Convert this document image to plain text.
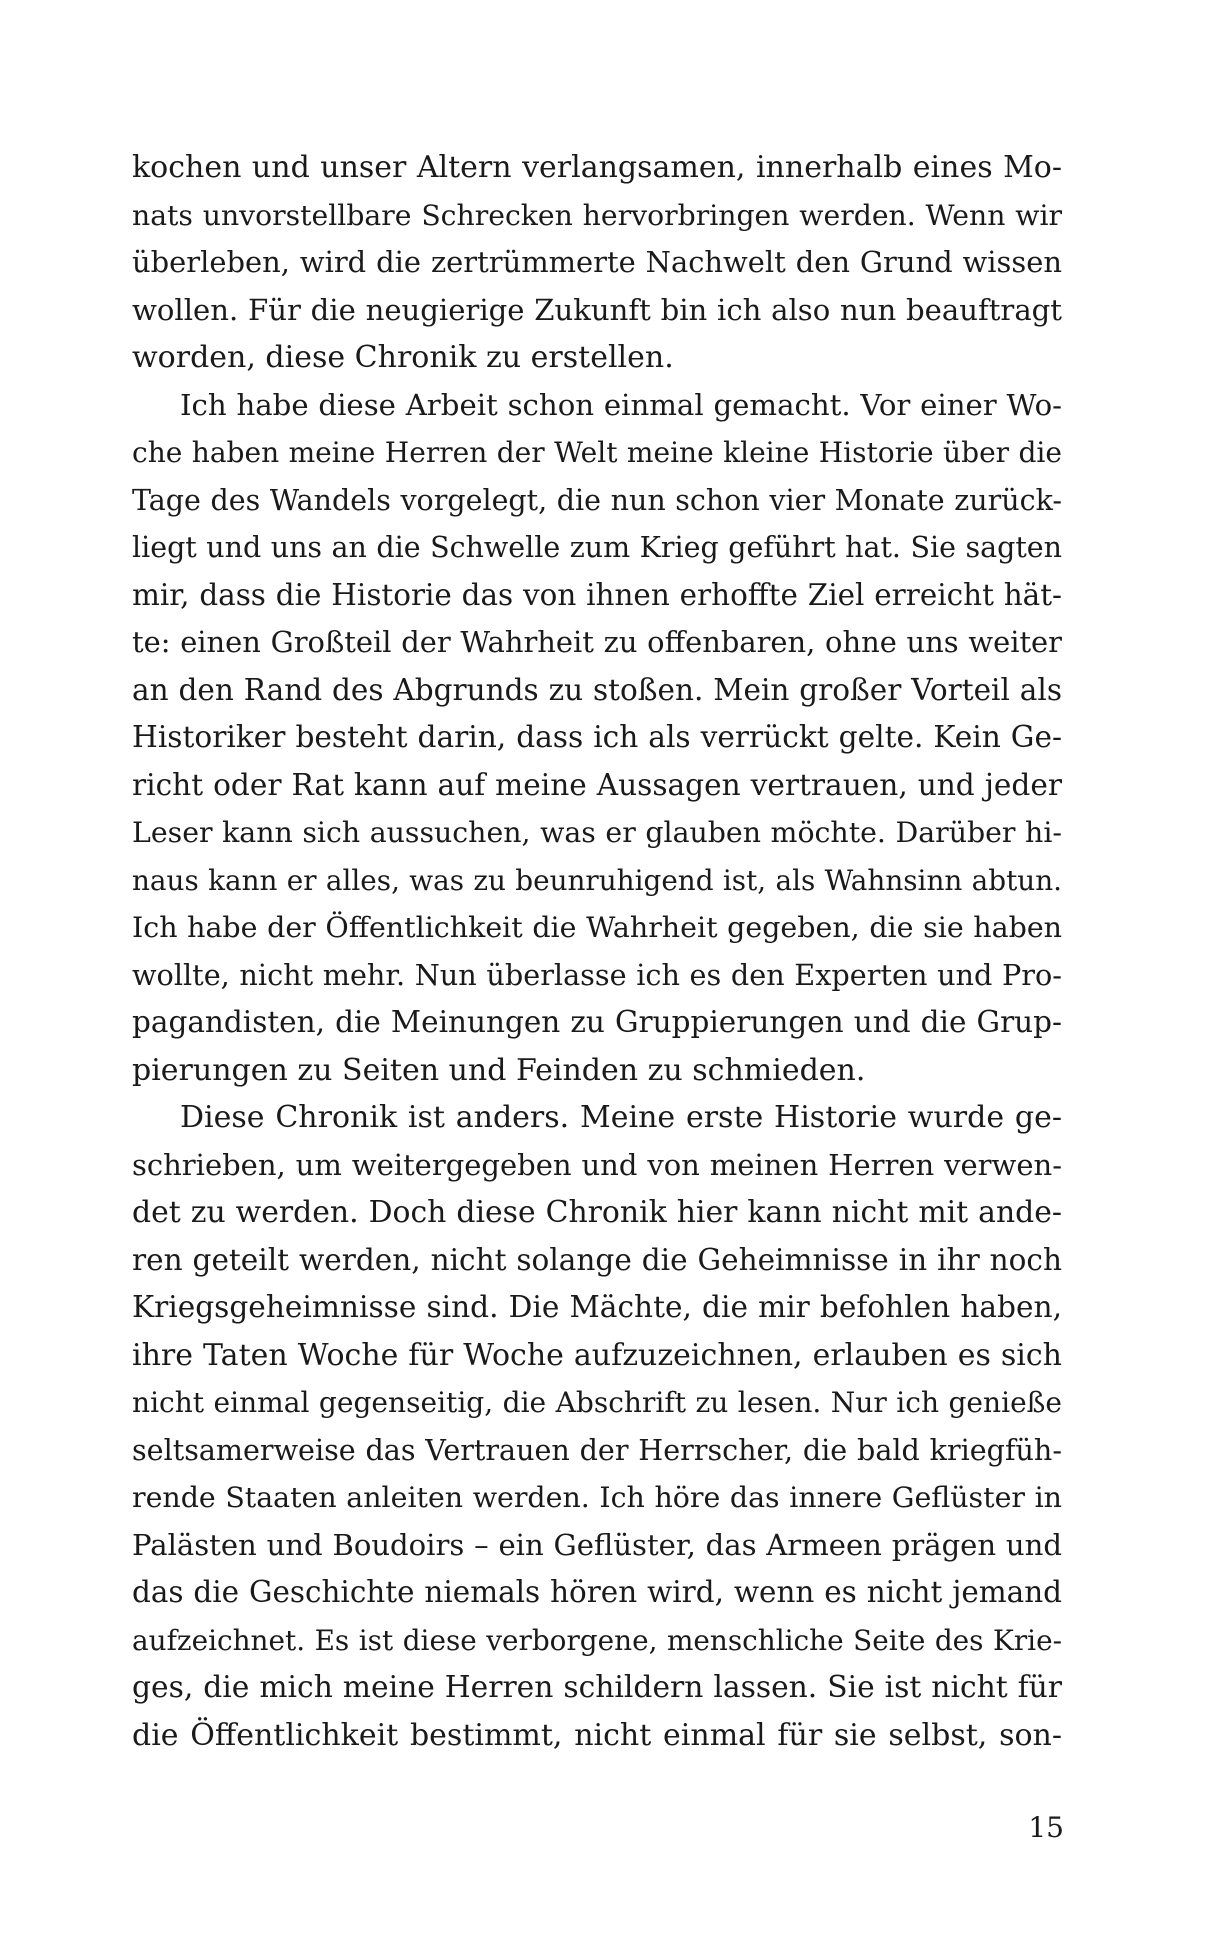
kochen und unser Altern verlangsamen, innerhalb eines Mo-
nats unvorstellbare Schrecken hervorbringen werden. Wenn wir
überleben, wird die zertrümmerte Nachwelt den Grund wissen
wollen. Für die neugierige Zukunft bin ich also nun beauftragt
worden, diese Chronik zu erstellen.
Ich habe diese Arbeit schon einmal gemacht. Vor einer Wo-
che haben meine Herren der Welt meine kleine Historie über die
Tage des Wandels vorgelegt, die nun schon vier Monate zurück-
liegt und uns an die Schwelle zum Krieg geführt hat. Sie sagten
mir, dass die Historie das von ihnen erhoffte Ziel erreicht hät-
te: einen Großteil der Wahrheit zu offenbaren, ohne uns weiter
an den Rand des Abgrunds zu stoßen. Mein großer Vorteil als
Historiker besteht darin, dass ich als verrückt gelte. Kein Ge-
richt oder Rat kann auf meine Aussagen vertrauen, und jeder
Leser kann sich aussuchen, was er glauben möchte. Darüber hi-
naus kann er alles, was zu beunruhigend ist, als Wahnsinn abtun.
Ich habe der Öffentlichkeit die Wahrheit gegeben, die sie haben
wollte, nicht mehr. Nun überlasse ich es den Experten und Pro-
pagandisten, die Meinungen zu Gruppierungen und die Grup-
pierungen zu Seiten und Feinden zu schmieden.
Diese Chronik ist anders. Meine erste Historie wurde ge-
schrieben, um weitergegeben und von meinen Herren verwen-
det zu werden. Doch diese Chronik hier kann nicht mit ande-
ren geteilt werden, nicht solange die Geheimnisse in ihr noch
Kriegsgeheimnisse sind. Die Mächte, die mir befohlen haben,
ihre Taten Woche für Woche aufzuzeichnen, erlauben es sich
nicht einmal gegenseitig, die Abschrift zu lesen. Nur ich genieße
seltsamerweise das Vertrauen der Herrscher, die bald kriegfüh-
rende Staaten anleiten werden. Ich höre das innere Geflüster in
Palästen und Boudoirs – ein Geflüster, das Armeen prägen und
das die Geschichte niemals hören wird, wenn es nicht jemand
aufzeichnet. Es ist diese verborgene, menschliche Seite des Krie-
ges, die mich meine Herren schildern lassen. Sie ist nicht für
die Öffentlichkeit bestimmt, nicht einmal für sie selbst, son-
15
